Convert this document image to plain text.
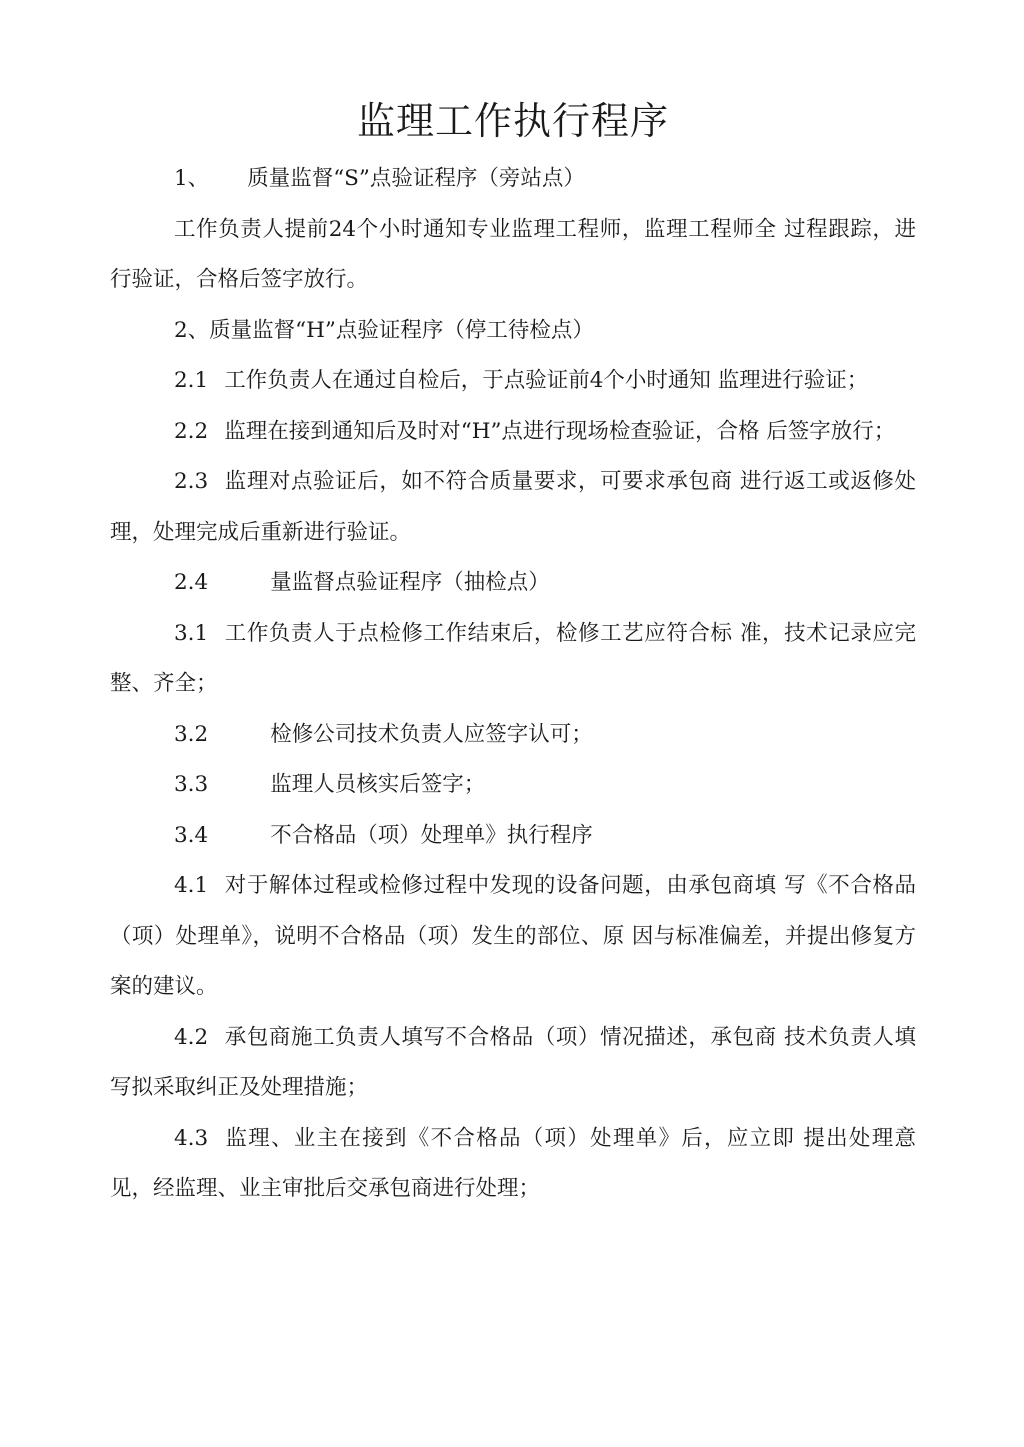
监理工作执行程序

1、 质量监督“S”点验证程序（旁站点）

工作负责人提前24个小时通知专业监理工程师，监理工程师全 过程跟踪，进行验证，合格后签字放行。

2、质量监督“H”点验证程序（停工待检点）

2.1 工作负责人在通过自检后，于点验证前4个小时通知 监理进行验证；

2.2 监理在接到通知后及时对“H”点进行现场检查验证，合格 后签字放行；

2.3 监理对点验证后，如不符合质量要求，可要求承包商 进行返工或返修处理，处理完成后重新进行验证。

2.4	量监督点验证程序（抽检点）

3.1 工作负责人于点检修工作结束后，检修工艺应符合标 准，技术记录应完整、齐全；

3.2	检修公司技术负责人应签字认可；

3.3	监理人员核实后签字；

3.4	不合格品（项）处理单》执行程序

4.1 对于解体过程或检修过程中发现的设备问题，由承包商填 写《不合格品（项）处理单》，说明不合格品（项）发生的部位、原 因与标准偏差，并提出修复方案的建议。

4.2 承包商施工负责人填写不合格品（项）情况描述，承包商 技术负责人填写拟采取纠正及处理措施；

4.3 监理、业主在接到《不合格品（项）处理单》后，应立即 提出处理意见，经监理、业主审批后交承包商进行处理；
